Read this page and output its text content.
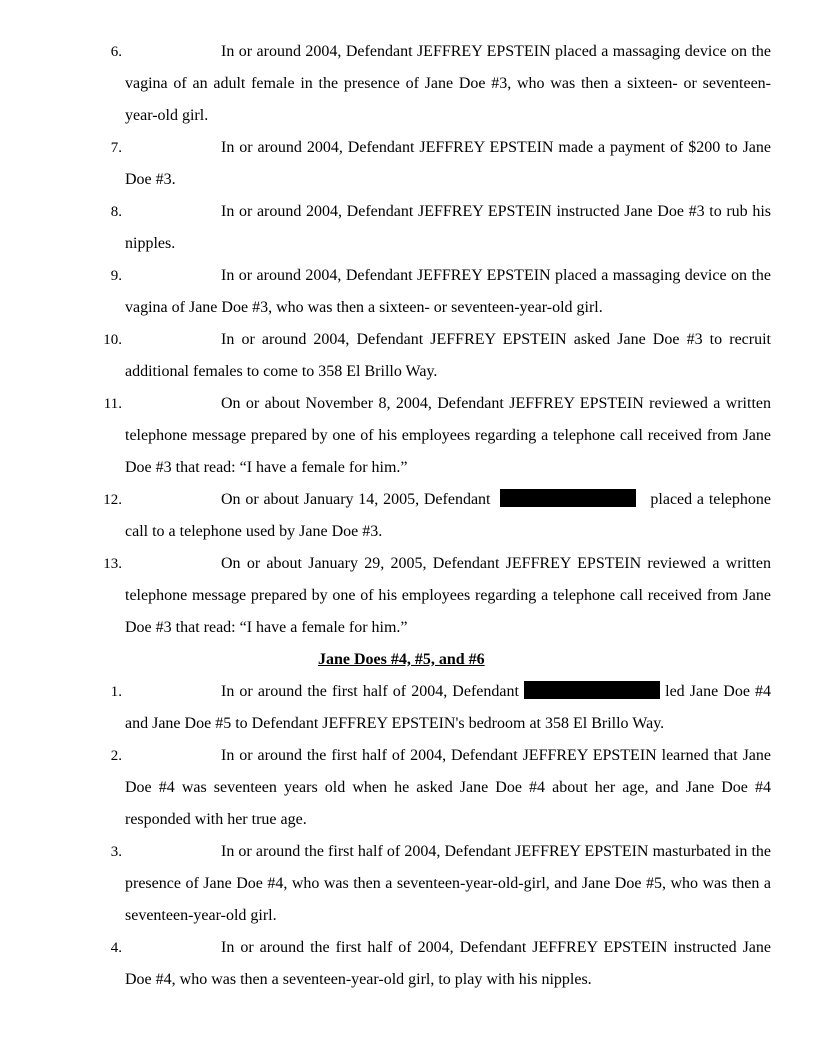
6.	In or around 2004, Defendant JEFFREY EPSTEIN placed a massaging device on the vagina of an adult female in the presence of Jane Doe #3, who was then a sixteen- or seventeen-year-old girl.

7.	In or around 2004, Defendant JEFFREY EPSTEIN made a payment of $200 to Jane Doe #3.

8.	In or around 2004, Defendant JEFFREY EPSTEIN instructed Jane Doe #3 to rub his nipples.

9.	In or around 2004, Defendant JEFFREY EPSTEIN placed a massaging device on the vagina of Jane Doe #3, who was then a sixteen- or seventeen-year-old girl.

10.	In or around 2004, Defendant JEFFREY EPSTEIN asked Jane Doe #3 to recruit additional females to come to 358 El Brillo Way.

11.	On or about November 8, 2004, Defendant JEFFREY EPSTEIN reviewed a written telephone message prepared by one of his employees regarding a telephone call received from Jane Doe #3 that read: “I have a female for him.”

12.	On or about January 14, 2005, Defendant	placed a telephone call to a telephone used by Jane Doe #3.

13.	On or about January 29, 2005, Defendant JEFFREY EPSTEIN reviewed a written telephone message prepared by one of his employees regarding a telephone call received from Jane Doe #3 that read: “I have a female for him.”

Jane Does #4, #5, and #6

1.	In or around the first half of 2004, Defendant	led Jane Doe #4 and Jane Doe #5 to Defendant JEFFREY EPSTEIN's bedroom at 358 El Brillo Way.

2.	In or around the first half of 2004, Defendant JEFFREY EPSTEIN learned that Jane Doe #4 was seventeen years old when he asked Jane Doe #4 about her age, and Jane Doe #4 responded with her true age.

3.	In or around the first half of 2004, Defendant JEFFREY EPSTEIN masturbated in the presence of Jane Doe #4, who was then a seventeen-year-old-girl, and Jane Doe #5, who was then a seventeen-year-old girl.

4.	In or around the first half of 2004, Defendant JEFFREY EPSTEIN instructed Jane Doe #4, who was then a seventeen-year-old girl, to play with his nipples.
